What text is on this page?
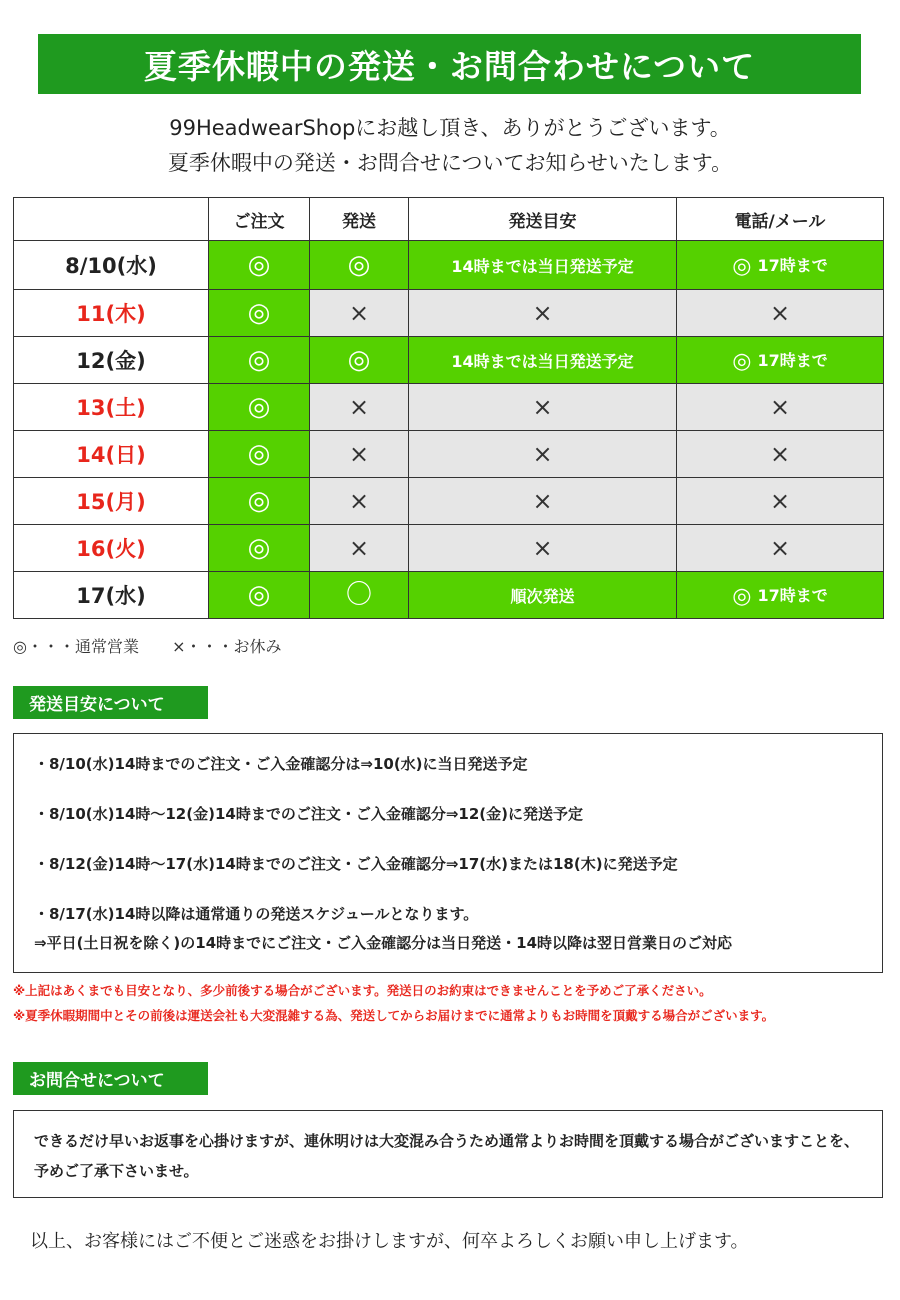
夏季休暇中の発送・お問合わせについて
99HeadwearShopにお越し頂き、ありがとうございます。
夏季休暇中の発送・お問合せについてお知らせいたします。
	ご注文	発送	発送目安	電話/メール
8/10(水)	◎	◎	14時までは当日発送予定	◎ 17時まで
11(木)	◎	×	×	×
12(金)	◎	◎	14時までは当日発送予定	◎ 17時まで
13(土)	◎	×	×	×
14(日)	◎	×	×	×
15(月)	◎	×	×	×
16(火)	◎	×	×	×
17(水)	◎	〇	順次発送	◎ 17時まで
◎・・・通常営業 ×・・・お休み
発送目安について
・8/10(水)14時までのご注文・ご入金確認分は⇒10(水)に当日発送予定
・8/10(水)14時～12(金)14時までのご注文・ご入金確認分⇒12(金)に発送予定
・8/12(金)14時～17(水)14時までのご注文・ご入金確認分⇒17(水)または18(木)に発送予定
・8/17(水)14時以降は通常通りの発送スケジュールとなります。
⇒平日(土日祝を除く)の14時までにご注文・ご入金確認分は当日発送・14時以降は翌日営業日のご対応
※上記はあくまでも目安となり、多少前後する場合がございます。発送日のお約束はできませんことを予めご了承ください。
※夏季休暇期間中とその前後は運送会社も大変混雑する為、発送してからお届けまでに通常よりもお時間を頂戴する場合がございます。
お問合せについて
できるだけ早いお返事を心掛けますが、連休明けは大変混み合うため通常よりお時間を頂戴する場合がございますことを、予めご了承下さいませ。
以上、お客様にはご不便とご迷惑をお掛けしますが、何卒よろしくお願い申し上げます。
